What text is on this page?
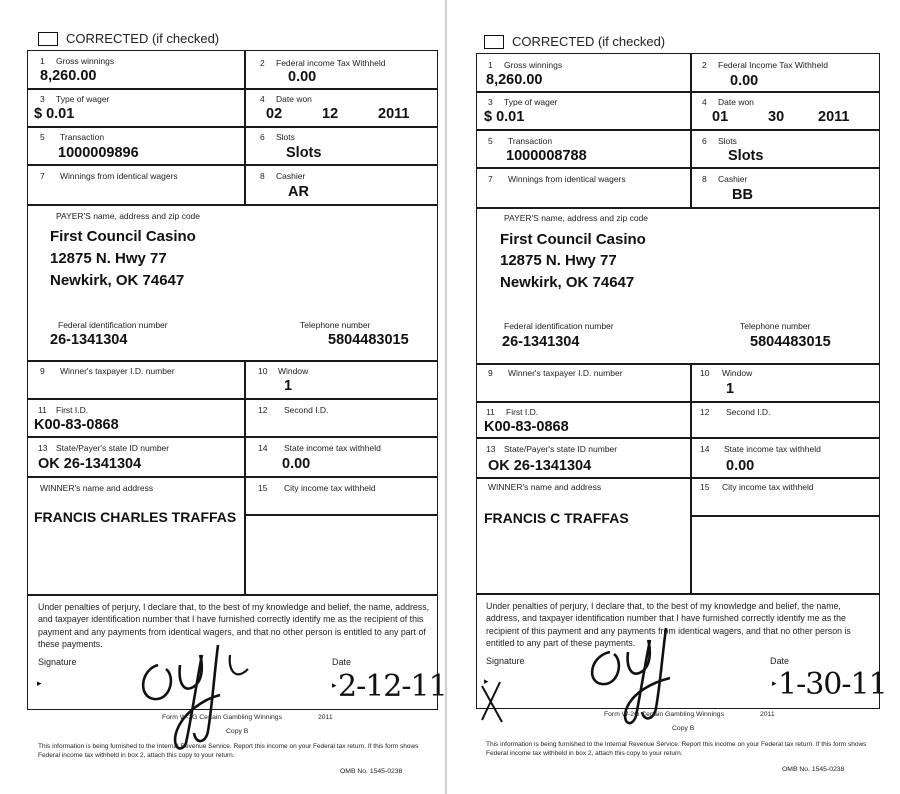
CORRECTED (if checked)
1 Gross winnings
8,260.00
2 Federal income Tax Withheld
0.00
3 Type of wager
$ 0.01
4 Date won
02	12	2011
5 Transaction
1000009896
6 Slots
Slots
7 Winnings from identical wagers	8 Cashier
AR
PAYER'S name, address and zip code
First Council Casino
12875 N. Hwy 77
Newkirk, OK 74647
Federal identification number
26-1341304
Telephone number
5804483015
9 Winner's taxpayer I.D. number	10 Window
1
11 First I.D.
K00-83-0868
12 Second I.D.
13 State/Payer's state ID number
OK 26-1341304
14 State income tax withheld
0.00
WINNER's name and address
FRANCIS CHARLES TRAFFAS
15 City income tax withheld
Under penalties of perjury, I declare that, to the best of my knowledge and belief, the name, address, and taxpayer identification number that I have furnished correctly identify me as the recipient of this payment and any payments from identical wagers, and that no other person is entitled to any part of these payments.
Signature
▸
Date
▸ 2-12-11
Form W-2G Certain Gambling Winnings	2011
Copy B
This information is being furnished to the Internal Revenue Service. Report this income on your Federal tax return. If this form shows Federal income tax withheld in box 2, attach this copy to your return.
OMB No. 1545-0238
CORRECTED (if checked)
1 Gross winnings
8,260.00
2 Federal Income Tax Withheld
0.00
3 Type of wager
$ 0.01
4 Date won
01	30 2011
5 Transaction
1000008788
6 Slots
Slots
7 Winnings from identical wagers	8 Cashier
BB
PAYER'S name, address and zip code
First Council Casino
12875 N. Hwy 77
Newkirk, OK 74647
Federal identification number
26-1341304
Telephone number
5804483015
9 Winner's taxpayer I.D. number	10 Window
1
11 First I.D.
K00-83-0868
12 Second I.D.
13 State/Payer's state ID number
OK 26-1341304
14 State income tax withheld
0.00
WINNER's name and address
FRANCIS C TRAFFAS
15 City income tax withheld
Under penalties of perjury, I declare that, to the best of my knowledge and belief, the name, address, and taxpayer identification number that I have furnished correctly identify me as the recipient of this payment and any payments from identical wagers, and that no other person is entitled to any part of these payments.
Signature
▸
Date
▸ 1-30-11
Form W-2G Certain Gambling Winnings	2011
Copy B
This information is being furnished to the Internal Revenue Service. Report this income on your Federal tax return. If this form shows Federal income tax withheld in box 2, attach this copy to your return.
OMB No. 1545-0238
